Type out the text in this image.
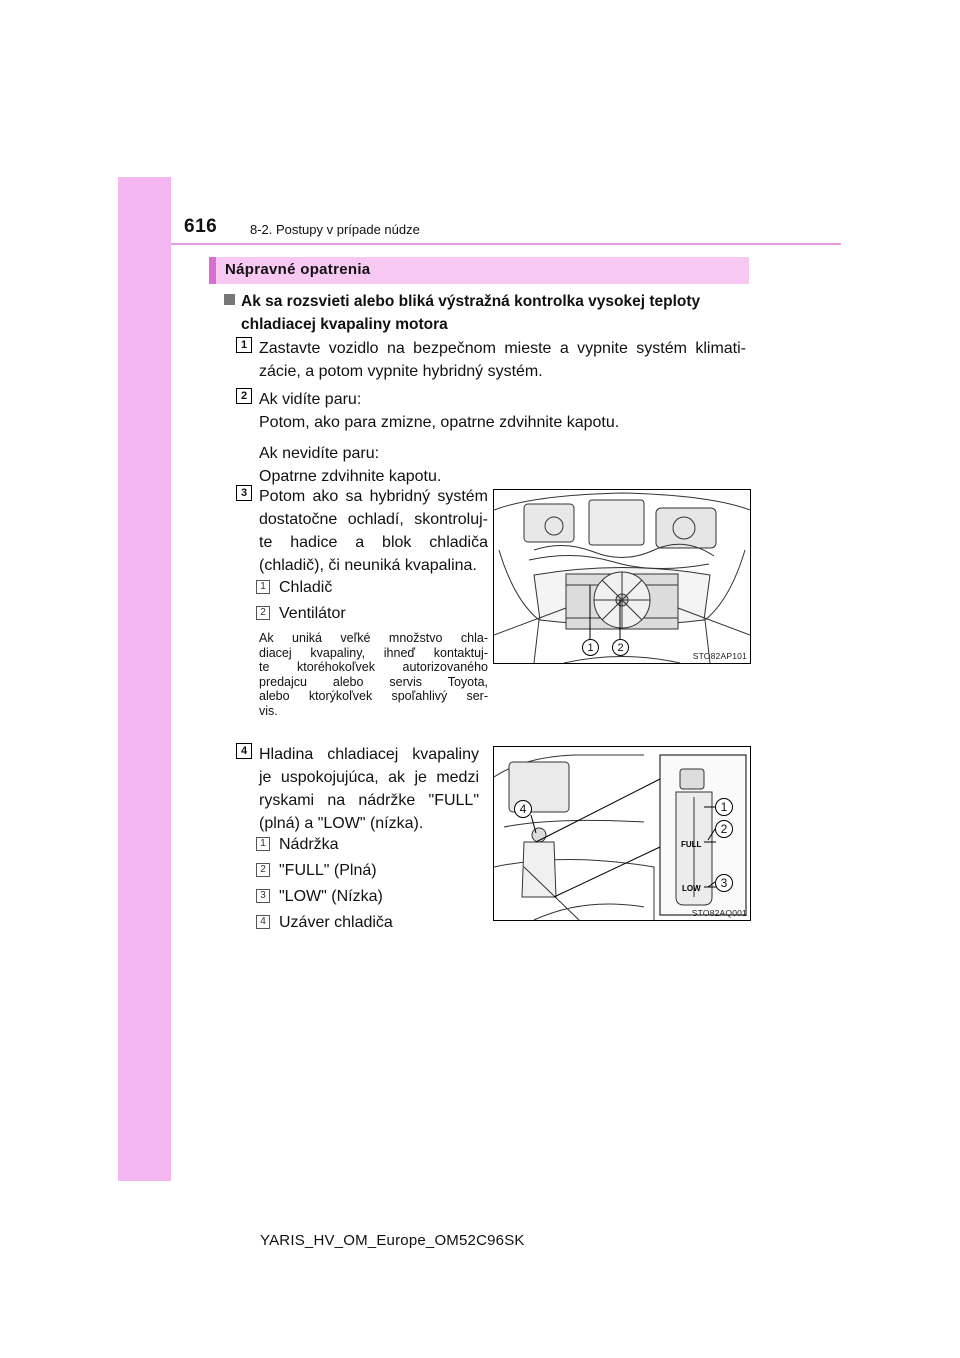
616	8-2. Postupy v prípade núdze
Nápravné opatrenia
Ak sa rozsvieti alebo bliká výstražná kontrolka vysokej teploty
chladiacej kvapaliny motora
1 Zastavte vozidlo na bezpečnom mieste a vypnite systém klimati-
zácie, a potom vypnite hybridný systém.
2 Ak vidíte paru:
Potom, ako para zmizne, opatrne zdvihnite kapotu.
Ak nevidíte paru:
Opatrne zdvihnite kapotu.
3 Potom ako sa hybridný systém
dostatočne ochladí, skontroluj-
te hadice a blok chladiča
(chladič), či neuniká kvapalina.
1 Chladič
2 Ventilátor
Ak uniká veľké množstvo chla-
diacej kvapaliny, ihneď kontaktuj-
te ktoréhokoľvek autorizovaného
predajcu alebo servis Toyota,
alebo ktorýkoľvek spoľahlivý ser-
vis.
1	2
STO82AP101
4 Hladina chladiacej kvapaliny
je uspokojujúca, ak je medzi
ryskami na nádržke "FULL"
(plná) a "LOW" (nízka).
1 Nádržka
2 "FULL" (Plná)
3 "LOW" (Nízka)
4 Uzáver chladiča
FULL
LOW
1
2
3
4
STO82AQ001
YARIS_HV_OM_Europe_OM52C96SK
